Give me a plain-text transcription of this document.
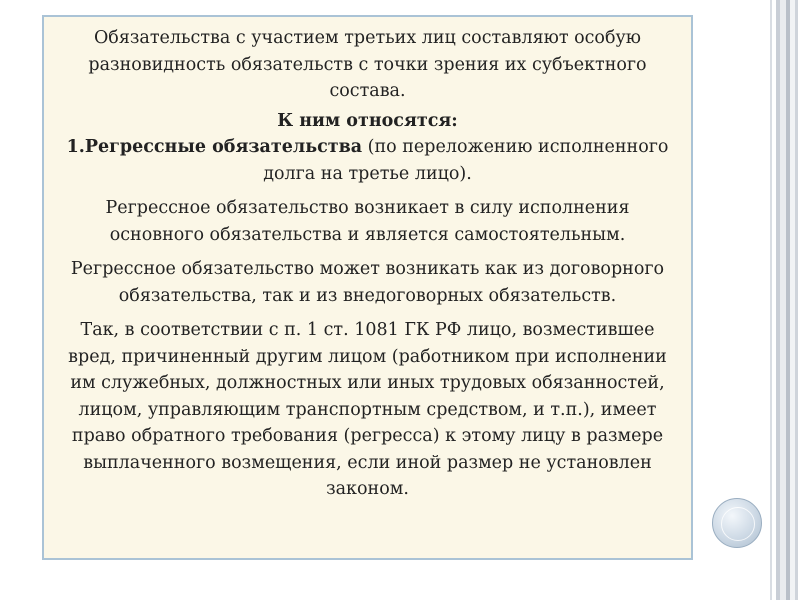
Обязательства с участием третьих лиц составляют особую разновидность обязательств с точки зрения их субъектного состава.

К ним относятся:

1.Регрессные обязательства (по переложению исполненного долга на третье лицо).

Регрессное обязательство возникает в силу исполнения основного обязательства и является самостоятельным.

Регрессное обязательство может возникать как из договорного обязательства, так и из внедоговорных обязательств.

Так, в соответствии с п. 1 ст. 1081 ГК РФ лицо, возместившее вред, причиненный другим лицом (работником при исполнении им служебных, должностных или иных трудовых обязанностей, лицом, управляющим транспортным средством, и т.п.), имеет право обратного требования (регресса) к этому лицу в размере выплаченного возмещения, если иной размер не установлен законом.
